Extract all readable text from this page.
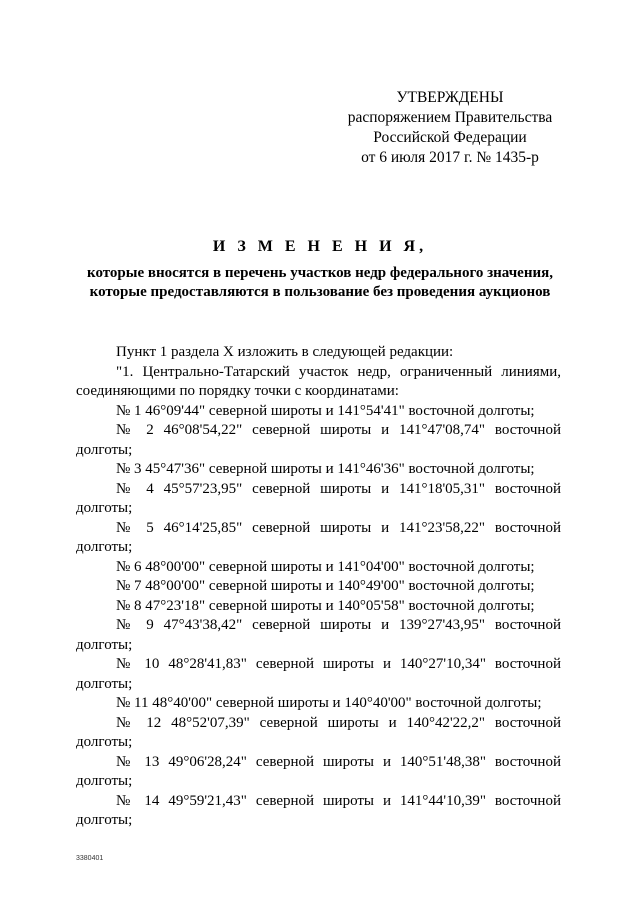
УТВЕРЖДЕНЫ
распоряжением Правительства
Российской Федерации
от 6 июля 2017 г. № 1435-р
И З М Е Н Е Н И Я,
которые вносятся в перечень участков недр федерального значения,
которые предоставляются в пользование без проведения аукционов

Пункт 1 раздела X изложить в следующей редакции:

"1. Центрально-Татарский участок недр, ограниченный линиями,

соединяющими по порядку точки с координатами:

№ 1 46°09'44" северной широты и 141°54'41" восточной долготы;

№ 2 46°08'54,22" северной широты и 141°47'08,74" восточной

долготы;

№ 3 45°47'36" северной широты и 141°46'36" восточной долготы;

№ 4 45°57'23,95" северной широты и 141°18'05,31" восточной

долготы;

№ 5 46°14'25,85" северной широты и 141°23'58,22" восточной

долготы;

№ 6 48°00'00" северной широты и 141°04'00" восточной долготы;

№ 7 48°00'00" северной широты и 140°49'00" восточной долготы;

№ 8 47°23'18" северной широты и 140°05'58" восточной долготы;

№ 9 47°43'38,42" северной широты и 139°27'43,95" восточной

долготы;

№ 10 48°28'41,83" северной широты и 140°27'10,34" восточной

долготы;

№ 11 48°40'00" северной широты и 140°40'00" восточной долготы;

№ 12 48°52'07,39" северной широты и 140°42'22,2" восточной

долготы;

№ 13 49°06'28,24" северной широты и 140°51'48,38" восточной

долготы;

№ 14 49°59'21,43" северной широты и 141°44'10,39" восточной

долготы;

3380401
